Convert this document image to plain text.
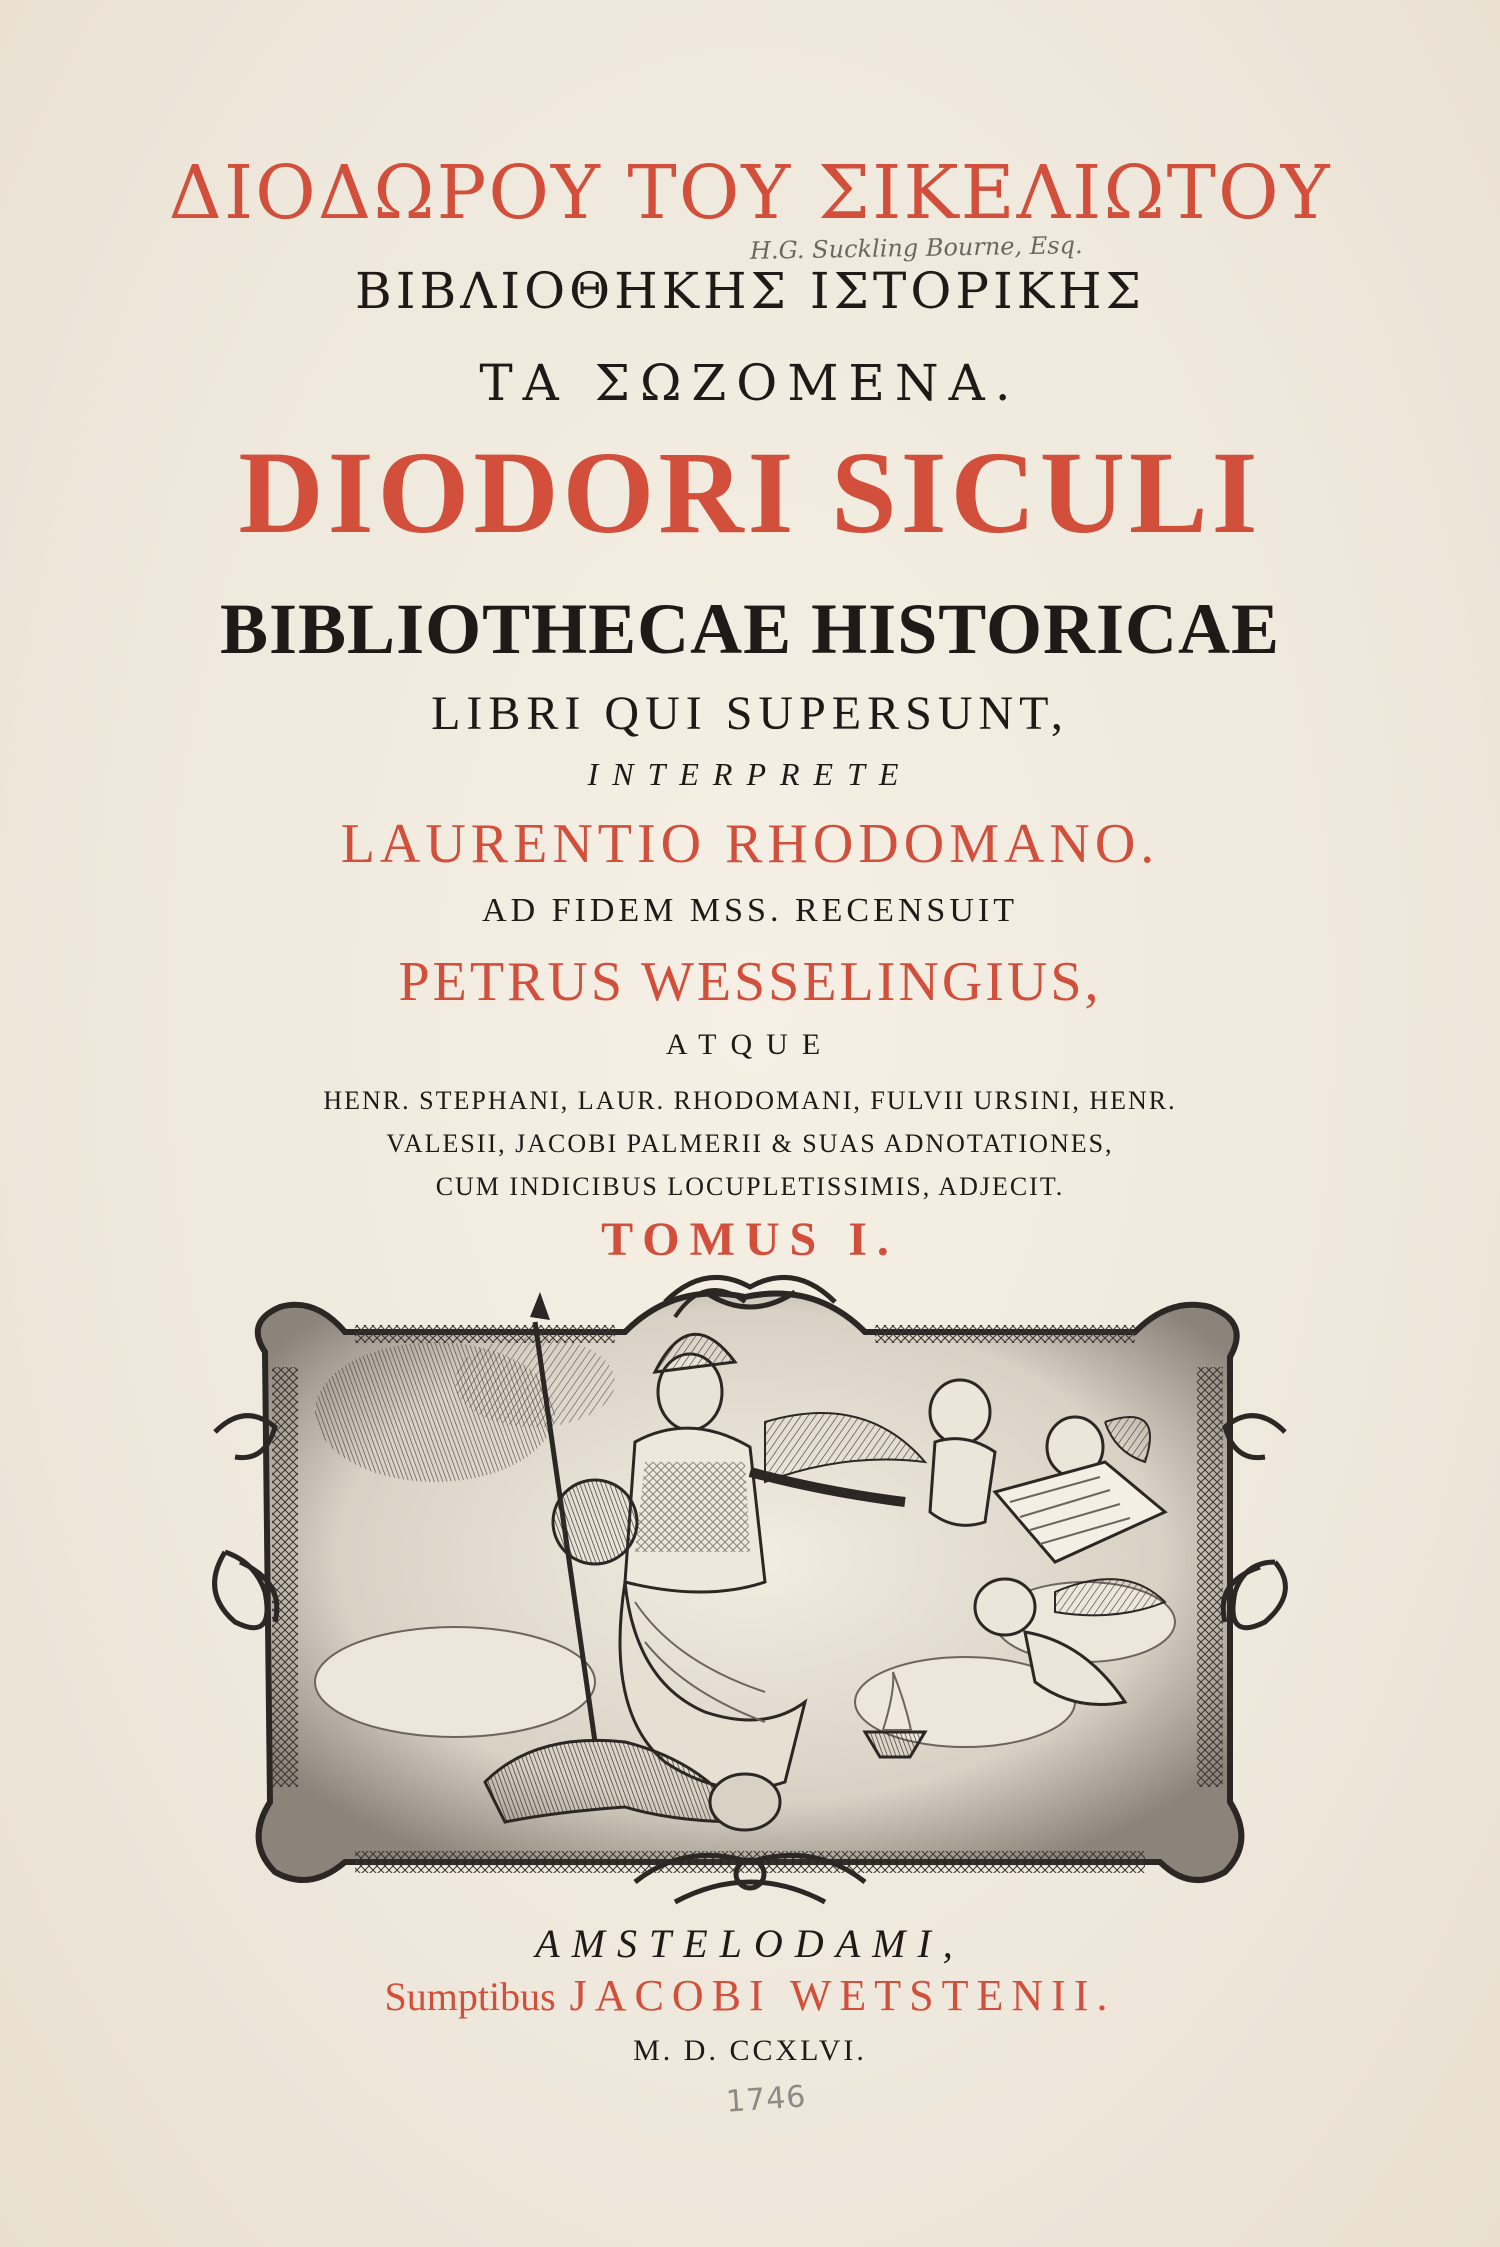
ΔΙΟΔΩΡΟΥ ΤΟΥ ΣΙΚΕΛΙΩΤΟΥ
H.G. Suckling Bourne, Esq.
ΒΙΒΛΙΟΘΗΚΗΣ ΙΣΤΟΡΙΚΗΣ
ΤΑ ΣΩΖΟΜΕΝΑ.
DIODORI SICULI
BIBLIOTHECAE HISTORICAE
LIBRI QUI SUPERSUNT,
INTERPRETE
LAURENTIO RHODOMANO.
AD FIDEM MSS. RECENSUIT
PETRUS WESSELINGIUS,
ATQUE
HENR. STEPHANI, LAUR. RHODOMANI, FULVII URSINI, HENR.
VALESII, JACOBI PALMERII & SUAS ADNOTATIONES,
CUM INDICIBUS LOCUPLETISSIMIS, ADJECIT.
TOMUS I.
AMSTELODAMI,
Sumptibus JACOBI WETSTENII.
M. D. CCXLVI.
1746
